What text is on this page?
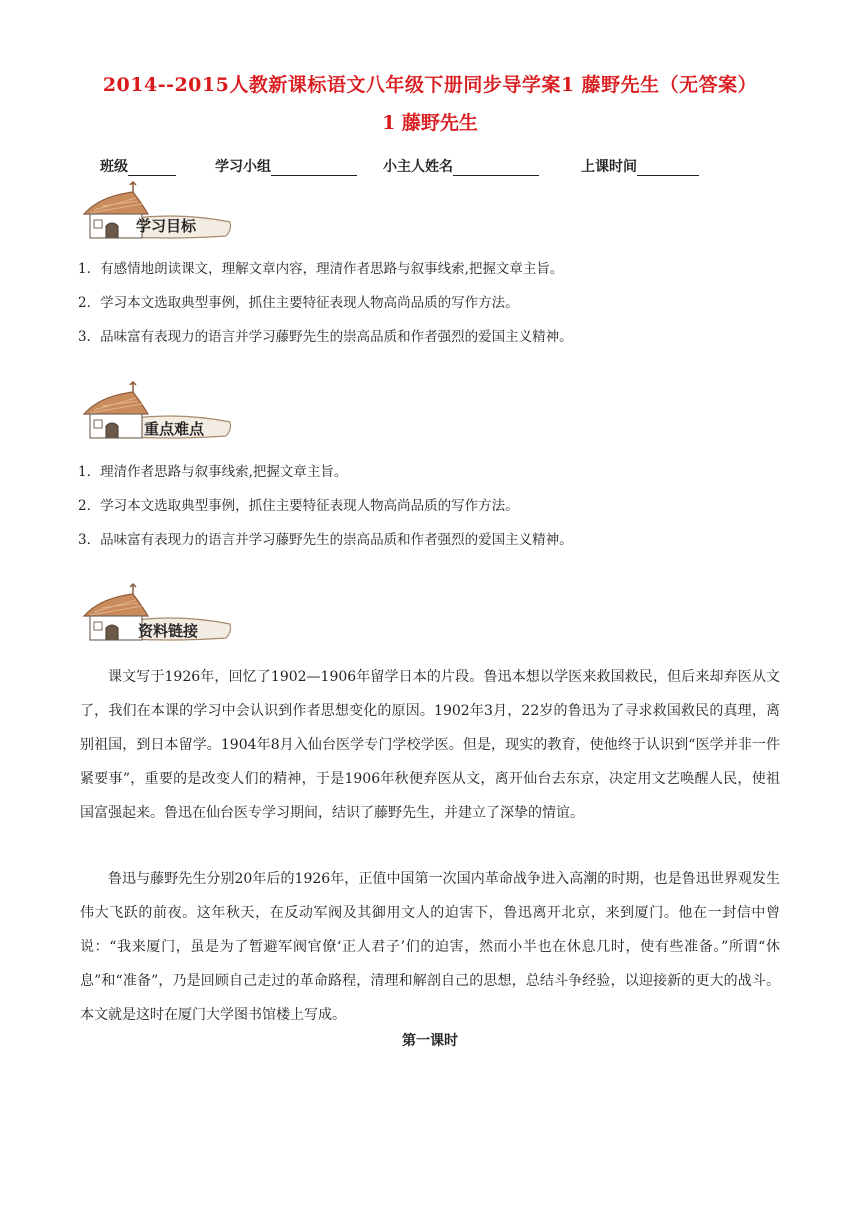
2014--2015人教新课标语文八年级下册同步导学案1 藤野先生（无答案）
1 藤野先生
班级	学习小组	小主人姓名	上课时间
学习目标
1．有感情地朗读课文，理解文章内容，理清作者思路与叙事线索,把握文章主旨。
2．学习本文选取典型事例，抓住主要特征表现人物高尚品质的写作方法。
3．品味富有表现力的语言并学习藤野先生的崇高品质和作者强烈的爱国主义精神。
重点难点
1．理清作者思路与叙事线索,把握文章主旨。
2．学习本文选取典型事例，抓住主要特征表现人物高尚品质的写作方法。
3．品味富有表现力的语言并学习藤野先生的崇高品质和作者强烈的爱国主义精神。
资料链接
课文写于1926年，回忆了1902—1906年留学日本的片段。鲁迅本想以学医来救国救民，但后来却弃医从文了，我们在本课的学习中会认识到作者思想变化的原因。1902年3月，22岁的鲁迅为了寻求救国救民的真理，离别祖国，到日本留学。1904年8月入仙台医学专门学校学医。但是，现实的教育，使他终于认识到“医学并非一件紧要事”，重要的是改变人们的精神，于是1906年秋便弃医从文，离开仙台去东京，决定用文艺唤醒人民，使祖国富强起来。鲁迅在仙台医专学习期间，结识了藤野先生，并建立了深挚的情谊。
鲁迅与藤野先生分别20年后的1926年，正值中国第一次国内革命战争进入高潮的时期，也是鲁迅世界观发生伟大飞跃的前夜。这年秋天，在反动军阀及其御用文人的迫害下，鲁迅离开北京，来到厦门。他在一封信中曾说：“我来厦门，虽是为了暂避军阀官僚‘正人君子’们的迫害，然而小半也在休息几时，使有些准备。”所谓“休息”和“准备”，乃是回顾自己走过的革命路程，清理和解剖自己的思想，总结斗争经验，以迎接新的更大的战斗。本文就是这时在厦门大学图书馆楼上写成。
第一课时
